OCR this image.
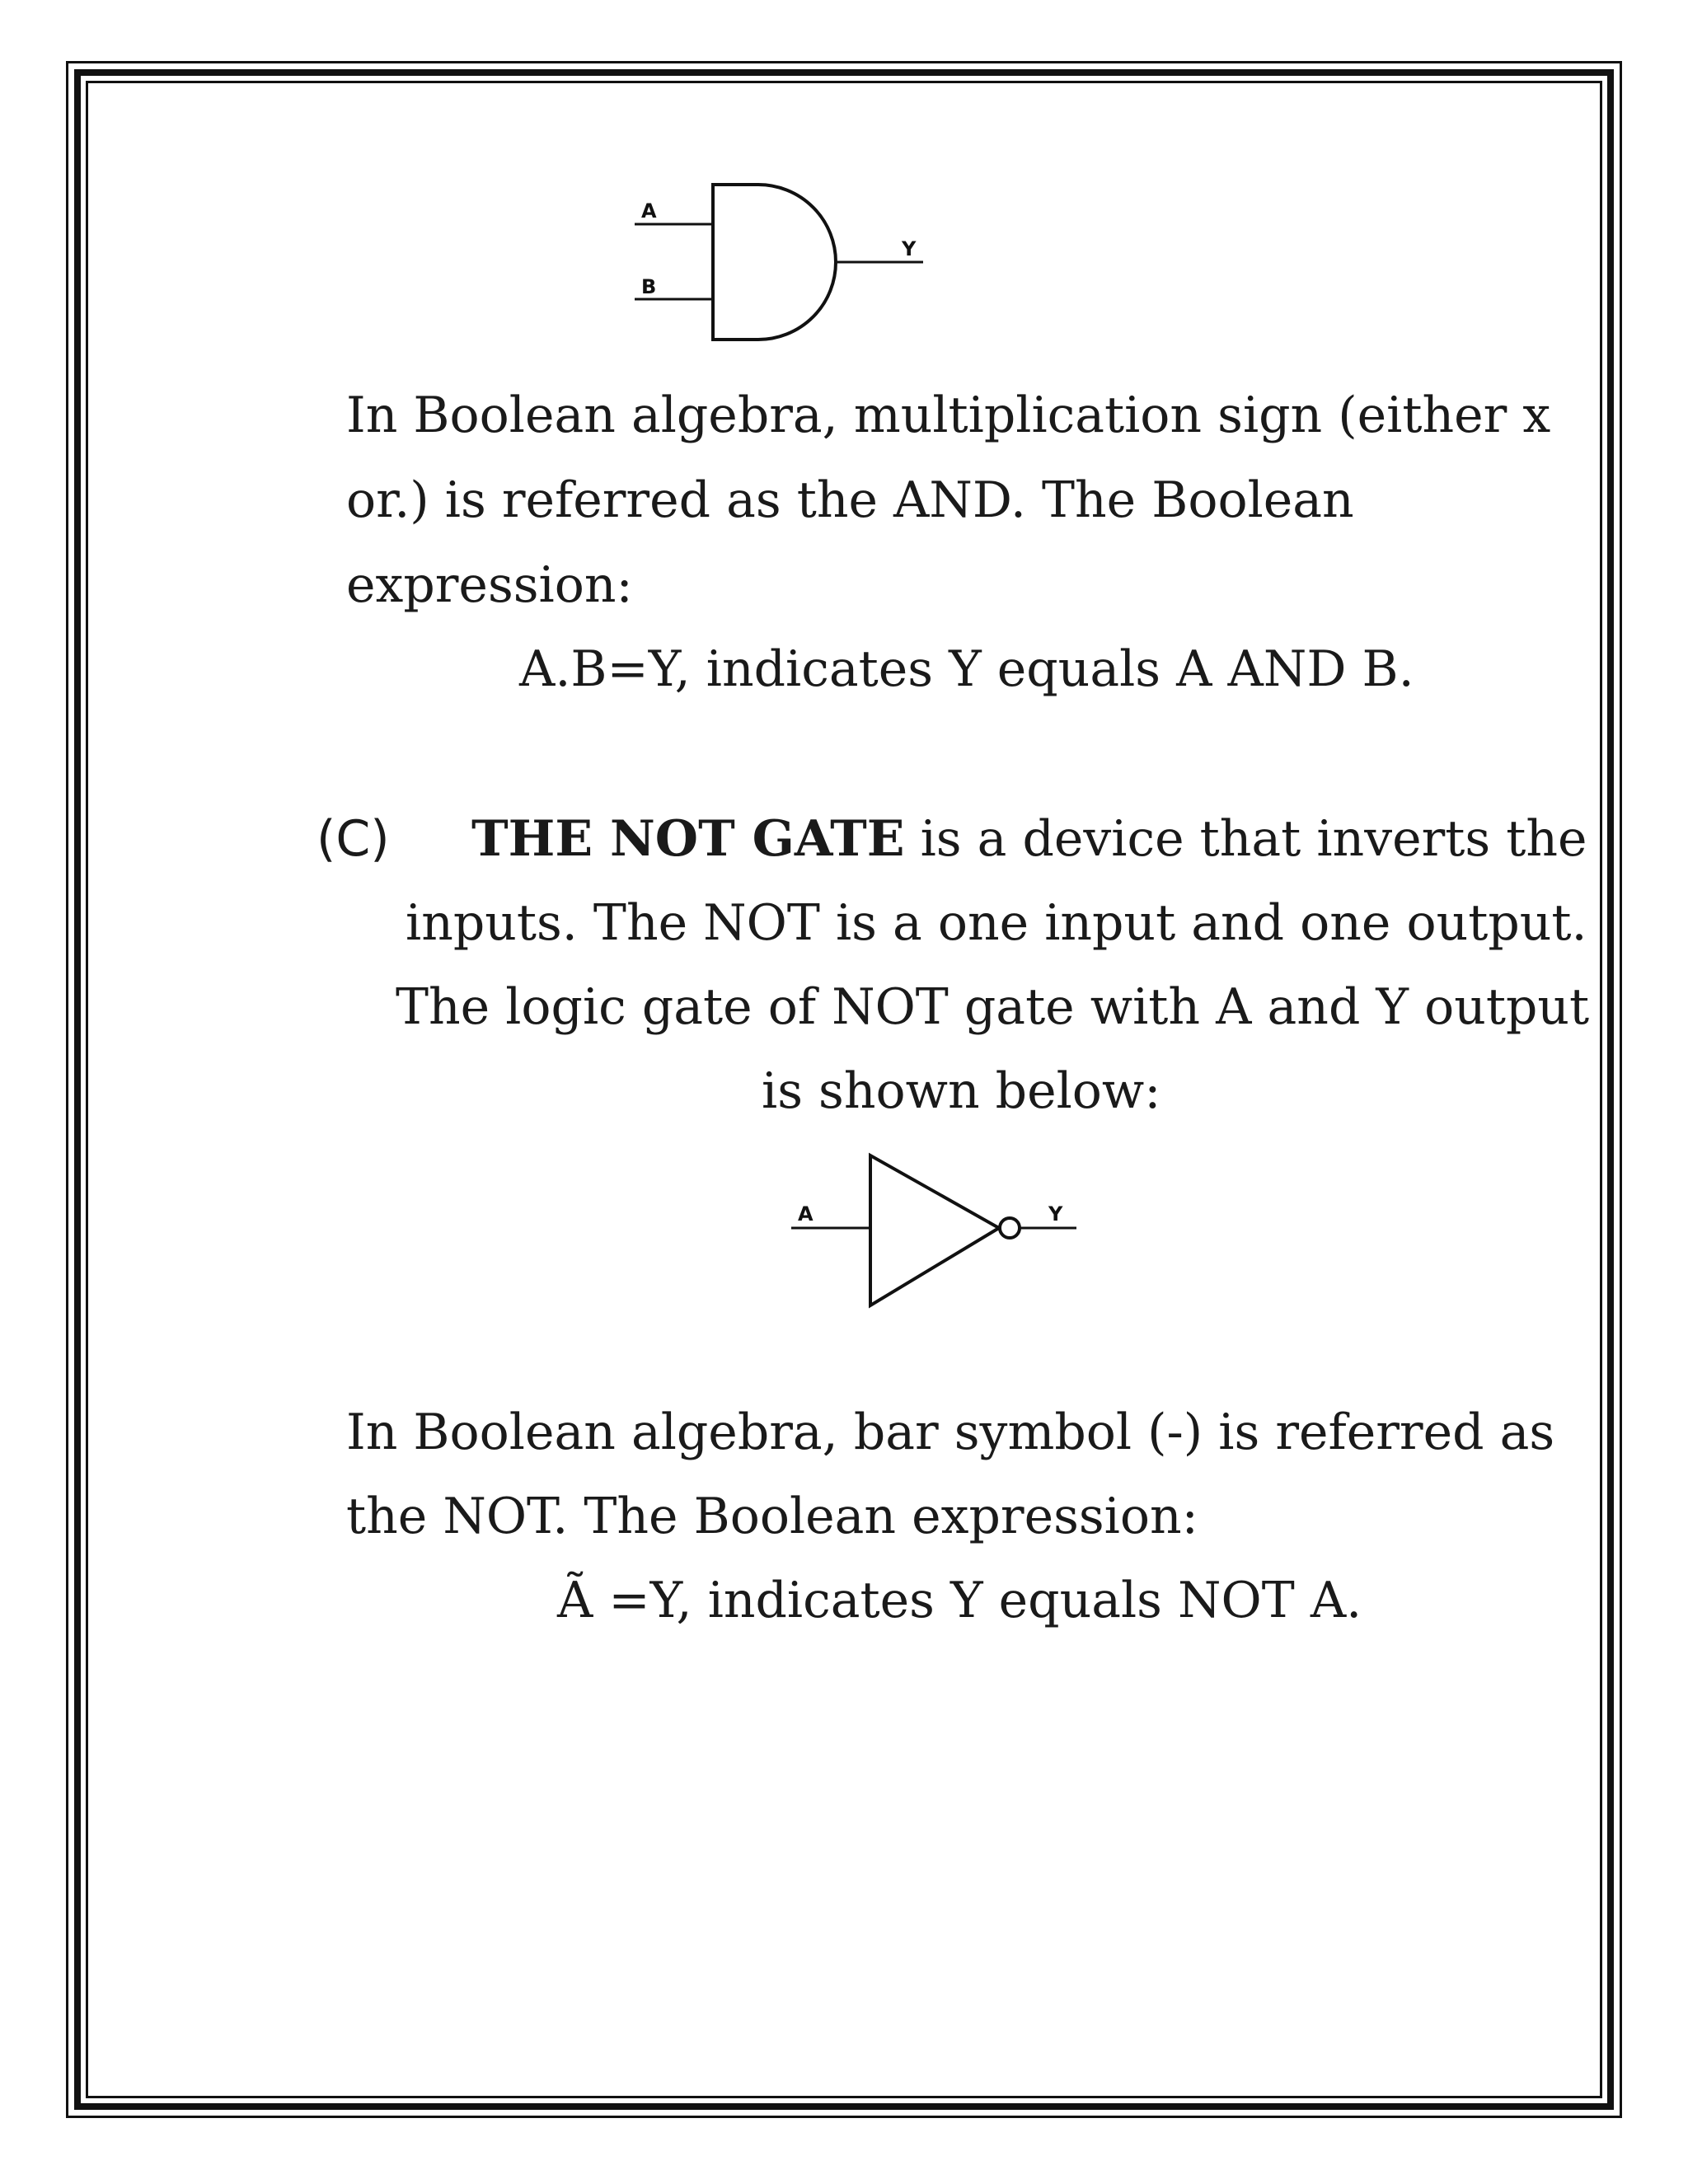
A
B
Y
In Boolean algebra, multiplication sign (either x
or.) is referred as the AND. The Boolean
expression:
A.B=Y, indicates Y equals A AND B.
(C) THE NOT GATE is a device that inverts the
inputs. The NOT is a one input and one output.
The logic gate of NOT gate with A and Y output
is shown below:
A	Y
In Boolean algebra, bar symbol (-) is referred as
the NOT. The Boolean expression:
Ã =Y, indicates Y equals NOT A.
